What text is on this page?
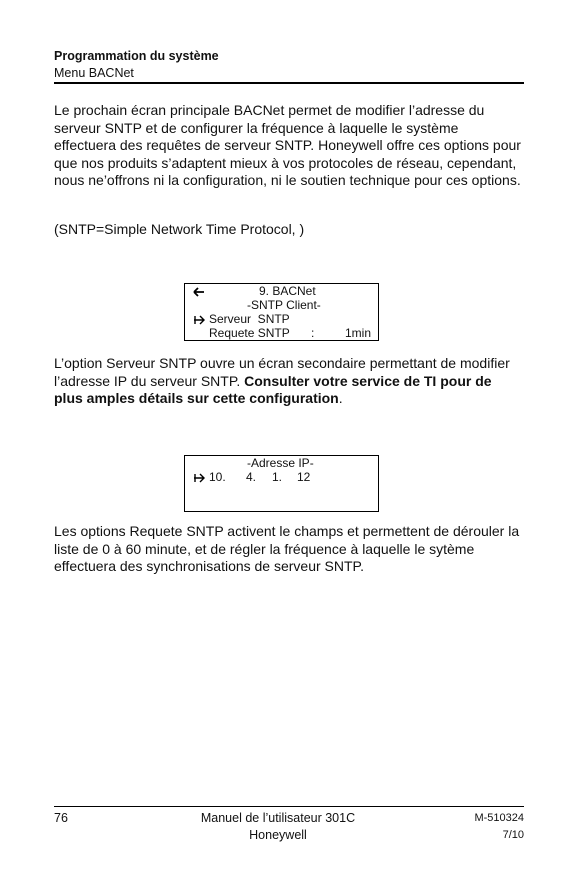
Programmation du système
Menu BACNet

Le prochain écran principale BACNet permet de modifier l’adresse du serveur SNTP et de configurer la fréquence à laquelle le système effectuera des requêtes de serveur SNTP. Honeywell offre ces options pour que nos produits s’adaptent mieux à vos protocoles de réseau, cependant, nous ne’offrons ni la configuration, ni le soutien technique pour ces options.

(SNTP=Simple Network Time Protocol, )

9. BACNet
-SNTP Client-
Serveur  SNTP
Requete SNTP :	1min

L’option Serveur SNTP ouvre un écran secondaire permettant de modifier l’adresse IP du serveur SNTP. Consulter votre service de TI pour de plus amples détails sur cette configuration.

-Adresse IP-
10.	4.	1.	12

Les options Requete SNTP activent le champs et permettent de dérouler la liste de 0 à 60 minute, et de régler la fréquence à laquelle le sytème effectuera des synchronisations de serveur SNTP.

76	Manuel de l’utilisateur 301C
Honeywell
M-510324
7/10
